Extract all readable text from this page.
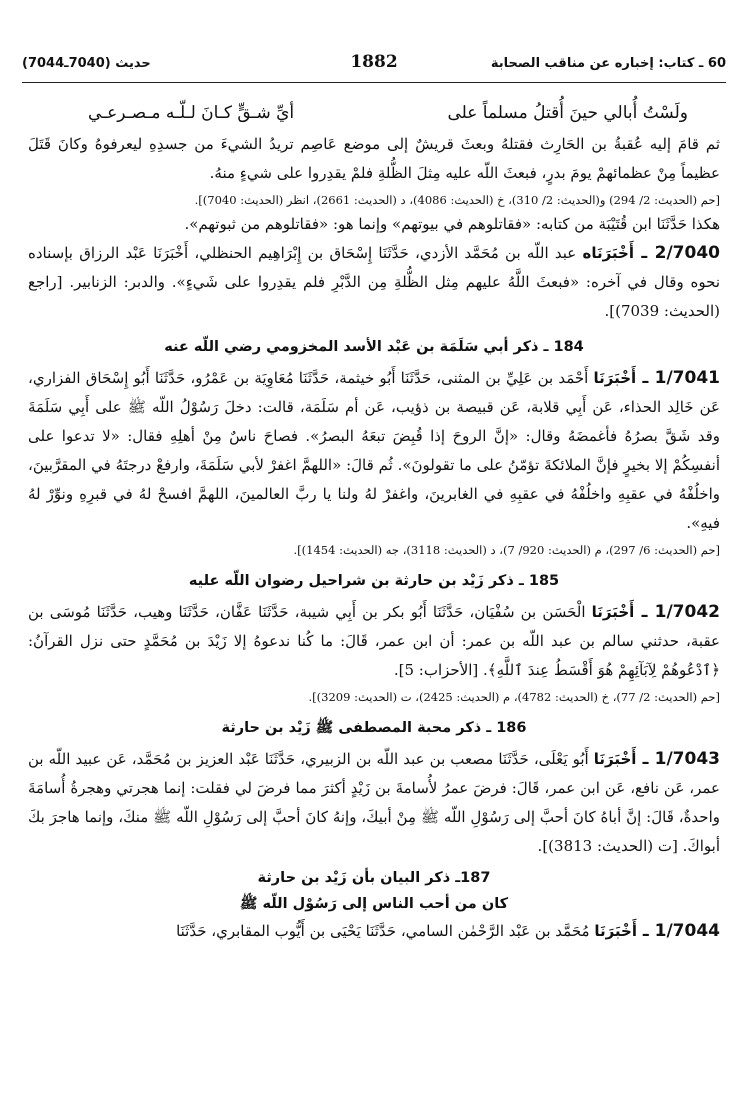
60 ـ كتاب: إخباره عن مناقب الصحابة
1882
حديث (7040ـ7044)
ولَسْتُ أُبالي حينَ أُقتلُ مسلماً على
أيِّ شـقٍّ كـانَ لـلّـه مـصـرعـي

ثم قامَ إليه عُقبةُ بن الحَارِث فقتلهُ وبعثَ قريشٌ إلى موضع عَاصِم تريدُ الشيءَ من جسدِهِ ليعرفوهُ وكانَ قَتَلَ عظيماً مِنْ عظمائهمْ يومَ بدرٍ، فبعثَ اللّه عليه مِثلَ الظُّلةِ فلمْ يقدِروا على شيءٍ منهُ.

[حم (الحديث: 2/ 294) و(الحديث: 2/ 310)، خ (الحديث: 4086)، د (الحديث: 2661)، انظر (الحديث: 7040)].

هكذا حَدَّثَنَا ابن قُتَيْبَة من كتابه: «فقاتلوهم في بيوتهم» وإنما هو: «فقاتلوهم من ثبوتهم».

2/7040 ـ أَخْبَرَنَاه عبد اللّه بن مُحَمَّد الأزدي، حَدَّثَنَا إِسْحَاق بن إِبْرَاهِيم الحنظلي، أَخْبَرَنَا عَبْد الرزاق بإسناده نحوه وقال في آخره: «فبعثَ اللَّهُ عليهم مِثل الظُّلةِ مِن الدَّبْرِ فلم يقدِروا على شَيءٍ». والدبر: الزنابير. [راجع (الحديث: 7039)].

184 ـ ذكر أبي سَلَمَة بن عَبْد الأسد المخزومي رضي اللّه عنه

1/7041 ـ أَخْبَرَنَا أَحْمَد بن عَلِيِّ بن المثنى، حَدَّثَنَا أَبُو خيثمة، حَدَّثَنَا مُعَاوِيَة بن عَمْرُو، حَدَّثَنَا أَبُو إِسْحَاق الفزاري، عَن خَالِد الحذاء، عَن أَبِي قلابة، عَن قبيصة بن ذؤيب، عَن أم سَلَمَة، قالت: دخلَ رَسُوْلُ اللّه ﷺ على أَبِي سَلَمَةَ وقد شَقَّ بصرُهُ فأغمضَهُ وقال: «إنَّ الروحَ إذا قُبِضَ تبعَهُ البصرُ». فصاحَ ناسٌ مِنْ أهلِهِ فقال: «لا تدعوا على أنفسِكُمْ إلا بخيرٍ فإنَّ الملائكةَ تؤمّنُ على ما تقولونَ». ثُم قالَ: «اللهمَّ اغفرْ لأبي سَلَمَةَ، وارفعْ درجتَهُ في المقرَّبينَ، واخلُفْهُ في عقبِهِ واخلُفْهُ في عقبِهِ في الغابرينَ، واغفرْ لهُ ولنا يا ربَّ العالمينَ، اللهمَّ افسحْ لهُ في قبرِهِ ونوِّرْ لهُ فيهِ».

[حم (الحديث: 6/ 297)، م (الحديث: 920/ 7)، د (الحديث: 3118)، جه (الحديث: 1454)].

185 ـ ذكر زَيْد بن حارثة بن شراحيل رضوان اللّه عليه

1/7042 ـ أَخْبَرَنَا الْحَسَن بن سُفْيَان، حَدَّثَنَا أَبُو بكر بن أَبِي شيبة، حَدَّثَنَا عَفَّان، حَدَّثَنَا وهيب، حَدَّثَنَا مُوسَى بن عقبة، حدثني سالم بن عبد اللّه بن عمر: أن ابن عمر، قَالَ: ما كُنا ندعوهُ إلا زَيْدَ بن مُحَمَّدٍ حتى نزل القرآنُ: ﴿ٱدْعُوهُمْ لِآبَآئِهِمْ هُوَ أَقْسَطُ عِندَ ٱللَّهِ﴾. [الأحزاب: 5].

[حم (الحديث: 2/ 77)، خ (الحديث: 4782)، م (الحديث: 2425)، ت (الحديث: 3209)].

186 ـ ذكر محبة المصطفى ﷺ زَيْد بن حارثة

1/7043 ـ أَخْبَرَنَا أَبُو يَعْلَى، حَدَّثَنَا مصعب بن عبد اللّه بن الزبيري، حَدَّثَنَا عَبْد العزيز بن مُحَمَّد، عَن عبيد اللّه بن عمر، عَن نافع، عَن ابن عمر، قَالَ: فرضَ عمرُ لأُسامةَ بن زَيْدٍ أكثرَ مما فرضَ لي فقلت: إنما هجرتي وهجرةُ أُسامَةَ واحدةٌ، قَالَ: إنَّ أباهُ كانَ أحبَّ إلى رَسُوْلِ اللّه ﷺ مِنْ أبيكَ، وإنهُ كانَ أحبَّ إلى رَسُوْلِ اللّه ﷺ منكَ، وإنما هاجرَ بكَ أبواكَ. [ت (الحديث: 3813)].

187ـ ذكر البيان بأن زَيْد بن حارثة
كان من أحب الناس إلى رَسُوْل اللّه ﷺ

1/7044 ـ أَخْبَرَنَا مُحَمَّد بن عَبْد الرَّحْمٰن السامي، حَدَّثَنَا يَحْيَى بن أَيُّوب المقابري، حَدَّثَنَا
